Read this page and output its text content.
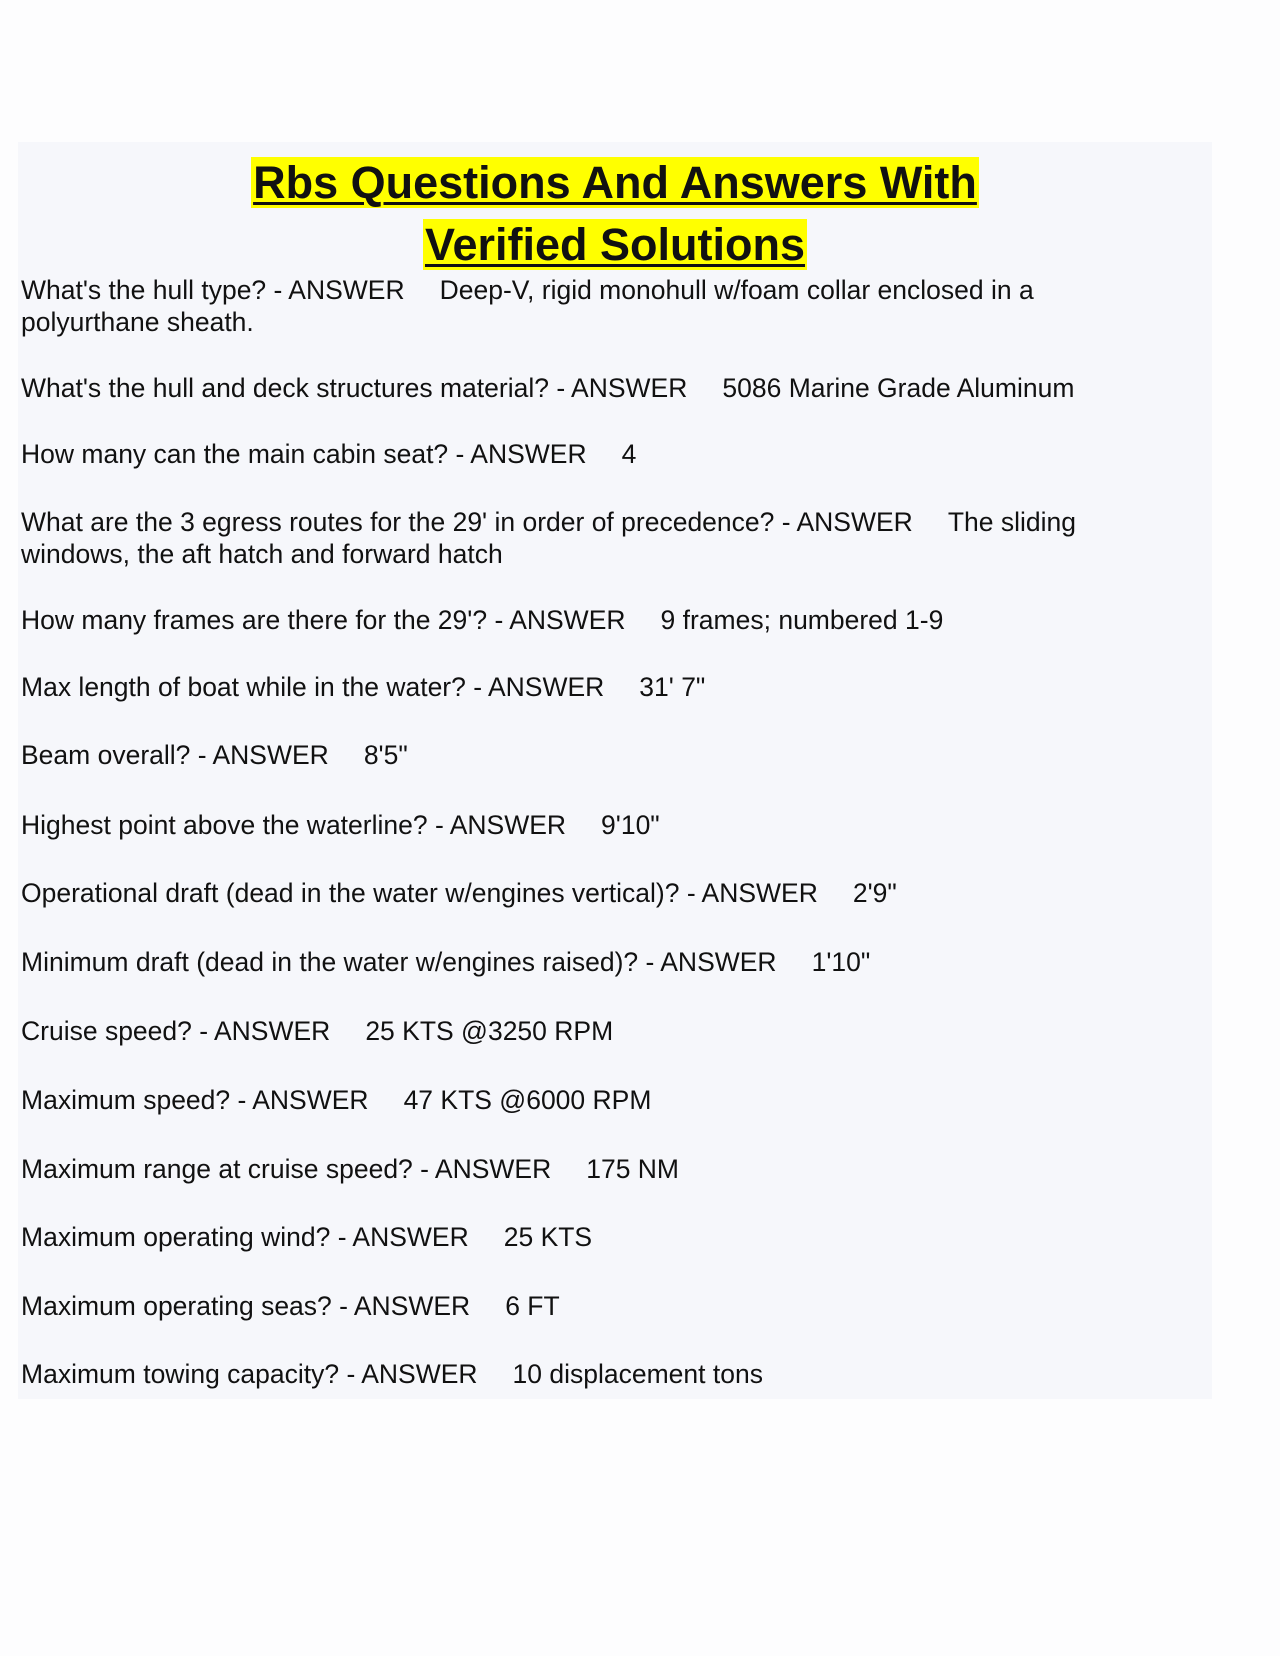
Rbs Questions And Answers With
Verified Solutions

What's the hull type? - ANSWER Deep-V, rigid monohull w/foam collar enclosed in a polyurthane sheath.

What's the hull and deck structures material? - ANSWER 5086 Marine Grade Aluminum

How many can the main cabin seat? - ANSWER 4

What are the 3 egress routes for the 29' in order of precedence? - ANSWER The sliding windows, the aft hatch and forward hatch

How many frames are there for the 29'? - ANSWER 9 frames; numbered 1-9

Max length of boat while in the water? - ANSWER 31' 7"

Beam overall? - ANSWER 8'5"

Highest point above the waterline? - ANSWER 9'10"

Operational draft (dead in the water w/engines vertical)? - ANSWER 2'9"

Minimum draft (dead in the water w/engines raised)? - ANSWER 1'10"

Cruise speed? - ANSWER 25 KTS @3250 RPM

Maximum speed? - ANSWER 47 KTS @6000 RPM

Maximum range at cruise speed? - ANSWER 175 NM

Maximum operating wind? - ANSWER 25 KTS

Maximum operating seas? - ANSWER 6 FT

Maximum towing capacity? - ANSWER 10 displacement tons
